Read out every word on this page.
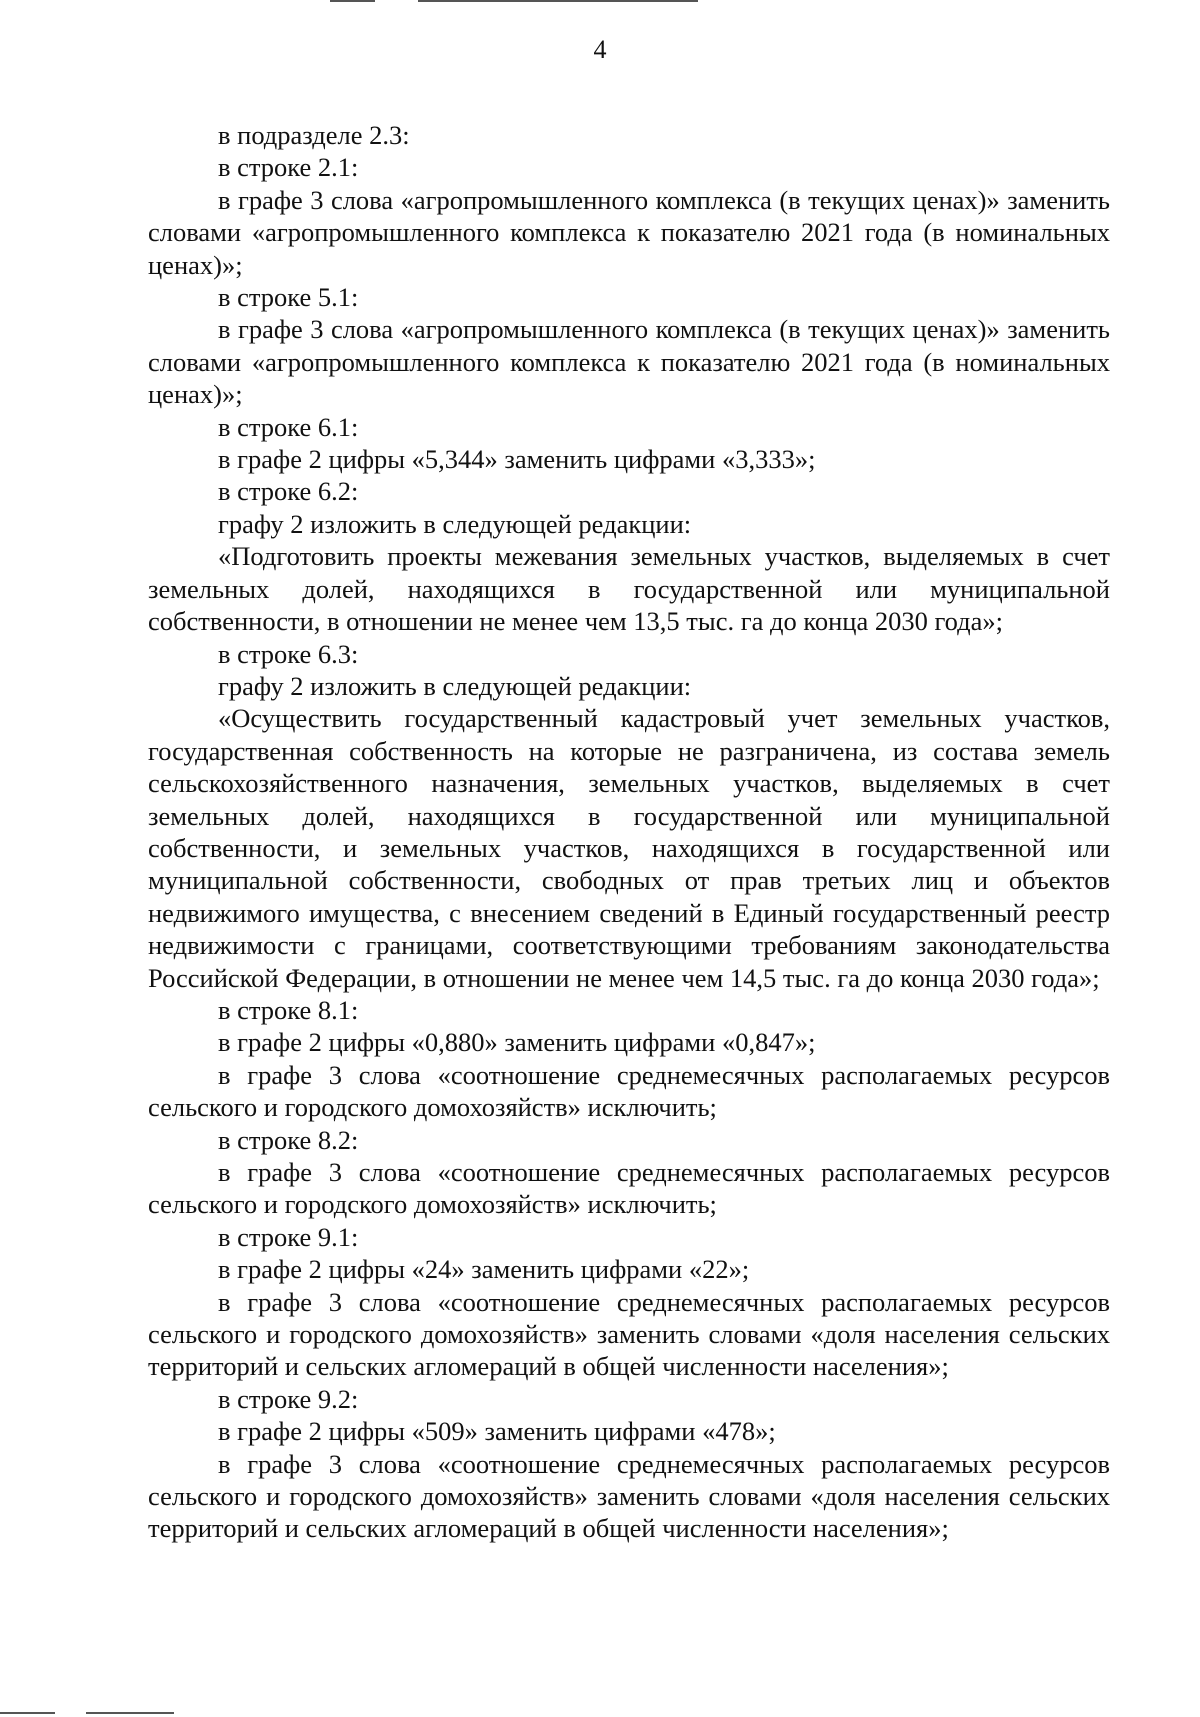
4

в подразделе 2.3:

в строке 2.1:

в графе 3 слова «агропромышленного комплекса (в текущих ценах)» заменить словами «агропромышленного комплекса к показателю 2021 года (в номинальных ценах)»;

в строке 5.1:

в графе 3 слова «агропромышленного комплекса (в текущих ценах)» заменить словами «агропромышленного комплекса к показателю 2021 года (в номинальных ценах)»;

в строке 6.1:

в графе 2 цифры «5,344» заменить цифрами «3,333»;

в строке 6.2:

графу 2 изложить в следующей редакции:

«Подготовить проекты межевания земельных участков, выделяемых в счет земельных долей, находящихся в государственной или муниципальной собственности, в отношении не менее чем 13,5 тыс. га до конца 2030 года»;

в строке 6.3:

графу 2 изложить в следующей редакции:

«Осуществить государственный кадастровый учет земельных участков, государственная собственность на которые не разграничена, из состава земель сельскохозяйственного назначения, земельных участков, выделяемых в счет земельных долей, находящихся в государственной или муниципальной собственности, и земельных участков, находящихся в государственной или муниципальной собственности, свободных от прав третьих лиц и объектов недвижимого имущества, с внесением сведений в Единый государственный реестр недвижимости с границами, соответствующими требованиям законодательства Российской Федерации, в отношении не менее чем 14,5 тыс. га до конца 2030 года»;

в строке 8.1:

в графе 2 цифры «0,880» заменить цифрами «0,847»;

в графе 3 слова «соотношение среднемесячных располагаемых ресурсов сельского и городского домохозяйств» исключить;

в строке 8.2:

в графе 3 слова «соотношение среднемесячных располагаемых ресурсов сельского и городского домохозяйств» исключить;

в строке 9.1:

в графе 2 цифры «24» заменить цифрами «22»;

в графе 3 слова «соотношение среднемесячных располагаемых ресурсов сельского и городского домохозяйств» заменить словами «доля населения сельских территорий и сельских агломераций в общей численности населения»;

в строке 9.2:

в графе 2 цифры «509» заменить цифрами «478»;

в графе 3 слова «соотношение среднемесячных располагаемых ресурсов сельского и городского домохозяйств» заменить словами «доля населения сельских территорий и сельских агломераций в общей численности населения»;
